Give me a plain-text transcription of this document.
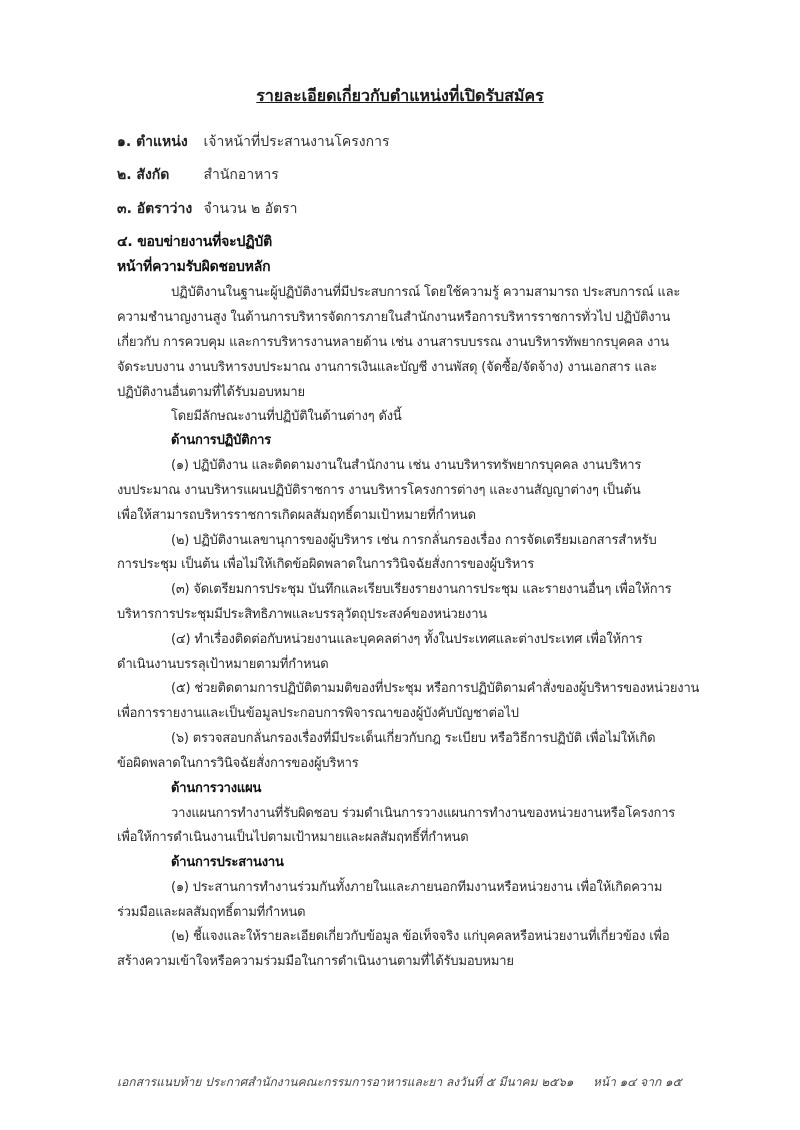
รายละเอียดเกี่ยวกับตำแหน่งที่เปิดรับสมัคร
๑. ตำแหน่ง เจ้าหน้าที่ประสานงานโครงการ
๒. สังกัด สำนักอาหาร
๓. อัตราว่าง จำนวน ๒ อัตรา
๔. ขอบข่ายงานที่จะปฏิบัติ
หน้าที่ความรับผิดชอบหลัก
ปฏิบัติงานในฐานะผู้ปฏิบัติงานที่มีประสบการณ์ โดยใช้ความรู้ ความสามารถ ประสบการณ์ และ
ความชำนาญงานสูง ในด้านการบริหารจัดการภายในสำนักงานหรือการบริหารราชการทั่วไป ปฏิบัติงาน
เกี่ยวกับ การควบคุม และการบริหารงานหลายด้าน เช่น งานสารบบรรณ งานบริหารทัพยากรบุคคล งาน
จัดระบบงาน งานบริหารงบประมาณ งานการเงินและบัญชี งานพัสดุ (จัดซื้อ/จัดจ้าง) งานเอกสาร และ
ปฏิบัติงานอื่นตามที่ได้รับมอบหมาย
โดยมีลักษณะงานที่ปฏิบัติในด้านต่างๆ ดังนี้
ด้านการปฏิบัติการ
(๑) ปฏิบัติงาน และติดตามงานในสำนักงาน เช่น งานบริหารทรัพยากรบุคคล งานบริหาร
งบประมาณ งานบริหารแผนปฏิบัติราชการ งานบริหารโครงการต่างๆ และงานสัญญาต่างๆ เป็นต้น
เพื่อให้สามารถบริหารราชการเกิดผลสัมฤทธิ์ตามเป้าหมายที่กำหนด
(๒) ปฏิบัติงานเลขานุการของผู้บริหาร เช่น การกลั่นกรองเรื่อง การจัดเตรียมเอกสารสำหรับ
การประชุม เป็นต้น เพื่อไม่ให้เกิดข้อผิดพลาดในการวินิจฉัยสั่งการของผู้บริหาร
(๓) จัดเตรียมการประชุม บันทึกและเรียบเรียงรายงานการประชุม และรายงานอื่นๆ เพื่อให้การ
บริหารการประชุมมีประสิทธิภาพและบรรลุวัตถุประสงค์ของหน่วยงาน
(๔) ทำเรื่องติดต่อกับหน่วยงานและบุคคลต่างๆ ทั้งในประเทศและต่างประเทศ เพื่อให้การ
ดำเนินงานบรรลุเป้าหมายตามที่กำหนด
(๕) ช่วยติดตามการปฏิบัติตามมติของที่ประชุม หรือการปฏิบัติตามคำสั่งของผู้บริหารของหน่วยงาน
เพื่อการรายงานและเป็นข้อมูลประกอบการพิจารณาของผู้บังคับบัญชาต่อไป
(๖) ตรวจสอบกลั่นกรองเรื่องที่มีประเด็นเกี่ยวกับกฎ ระเบียบ หรือวิธีการปฏิบัติ เพื่อไม่ให้เกิด
ข้อผิดพลาดในการวินิจฉัยสั่งการของผู้บริหาร
ด้านการวางแผน
วางแผนการทำงานที่รับผิดชอบ ร่วมดำเนินการวางแผนการทำงานของหน่วยงานหรือโครงการ
เพื่อให้การดำเนินงานเป็นไปตามเป้าหมายและผลสัมฤทธิ์ที่กำหนด
ด้านการประสานงาน
(๑) ประสานการทำงานร่วมกันทั้งภายในและภายนอกทีมงานหรือหน่วยงาน เพื่อให้เกิดความ
ร่วมมือและผลสัมฤทธิ์ตามที่กำหนด
(๒) ชี้แจงและให้รายละเอียดเกี่ยวกับข้อมูล ข้อเท็จจริง แก่บุคคลหรือหน่วยงานที่เกี่ยวข้อง เพื่อ
สร้างความเข้าใจหรือความร่วมมือในการดำเนินงานตามที่ได้รับมอบหมาย
เอกสารแนบท้าย ประกาศสำนักงานคณะกรรมการอาหารและยา ลงวันที่ ๕ มีนาคม ๒๕๖๑ หน้า ๑๔ จาก ๑๕
